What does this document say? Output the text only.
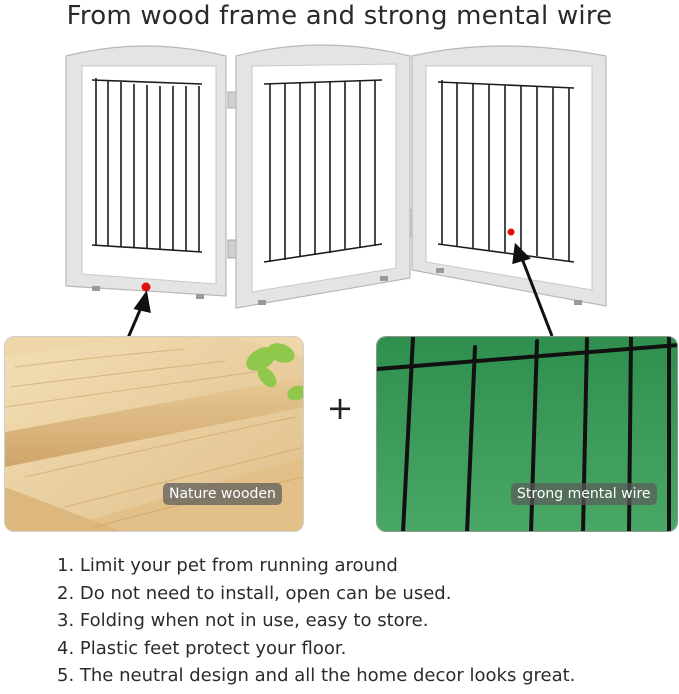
From wood frame and strong mental wire
Nature wooden
+
Strong mental wire
1. Limit your pet from running around
2. Do not need to install, open can be used.
3. Folding when not in use, easy to store.
4. Plastic feet protect your floor.
5. The neutral design and all the home decor looks great.
